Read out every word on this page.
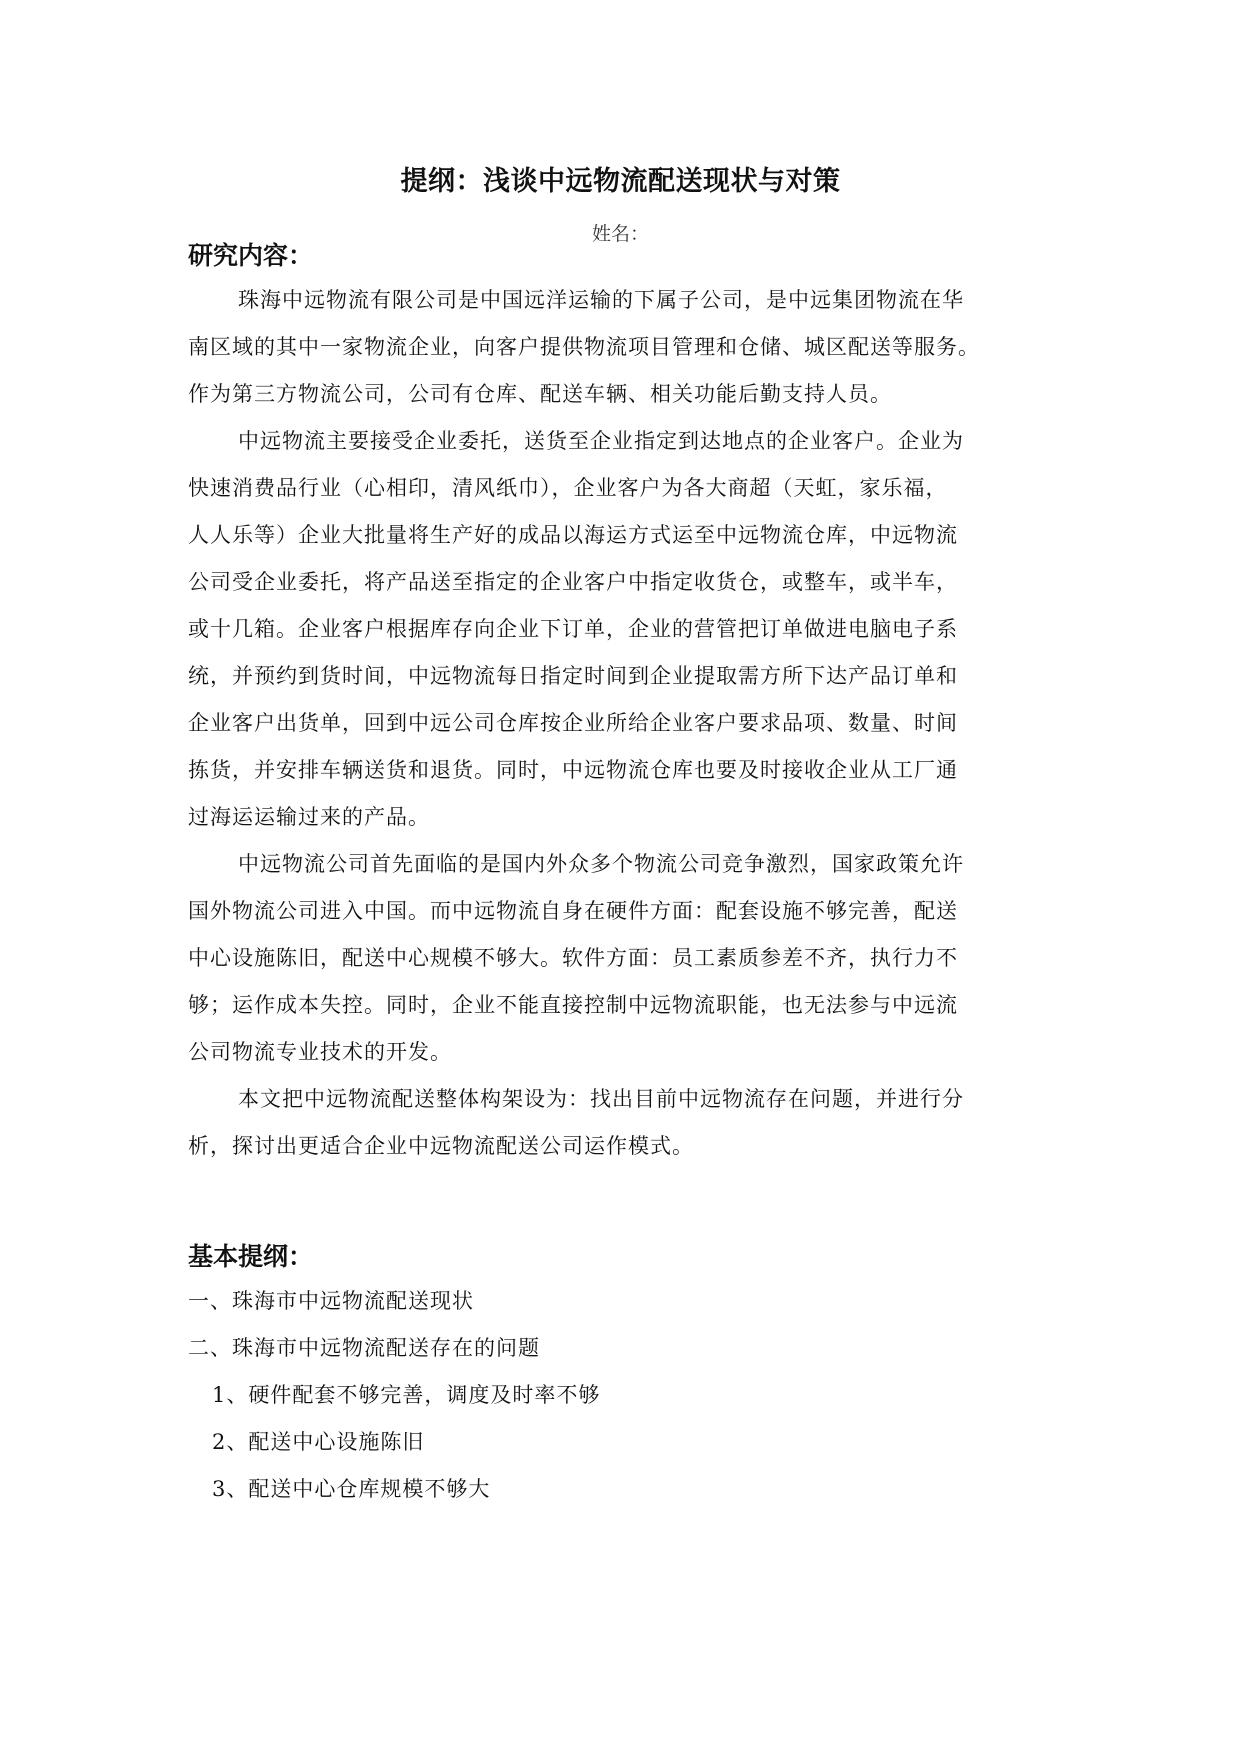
提纲：浅谈中远物流配送现状与对策
姓名：
研究内容：
珠海中远物流有限公司是中国远洋运输的下属子公司，是中远集团物流在华
南区域的其中一家物流企业，向客户提供物流项目管理和仓储、城区配送等服务。
作为第三方物流公司，公司有仓库、配送车辆、相关功能后勤支持人员。
中远物流主要接受企业委托，送货至企业指定到达地点的企业客户。企业为
快速消费品行业（心相印，清风纸巾），企业客户为各大商超（天虹，家乐福，
人人乐等）企业大批量将生产好的成品以海运方式运至中远物流仓库，中远物流
公司受企业委托，将产品送至指定的企业客户中指定收货仓，或整车，或半车，
或十几箱。企业客户根据库存向企业下订单，企业的营管把订单做进电脑电子系
统，并预约到货时间，中远物流每日指定时间到企业提取需方所下达产品订单和
企业客户出货单，回到中远公司仓库按企业所给企业客户要求品项、数量、时间
拣货，并安排车辆送货和退货。同时，中远物流仓库也要及时接收企业从工厂通
过海运运输过来的产品。
中远物流公司首先面临的是国内外众多个物流公司竞争激烈，国家政策允许
国外物流公司进入中国。而中远物流自身在硬件方面：配套设施不够完善，配送
中心设施陈旧，配送中心规模不够大。软件方面：员工素质参差不齐，执行力不
够；运作成本失控。同时，企业不能直接控制中远物流职能，也无法参与中远流
公司物流专业技术的开发。
本文把中远物流配送整体构架设为：找出目前中远物流存在问题，并进行分
析，探讨出更适合企业中远物流配送公司运作模式。
基本提纲：
一、珠海市中远物流配送现状
二、珠海市中远物流配送存在的问题
1、硬件配套不够完善，调度及时率不够
2、配送中心设施陈旧
3、配送中心仓库规模不够大
